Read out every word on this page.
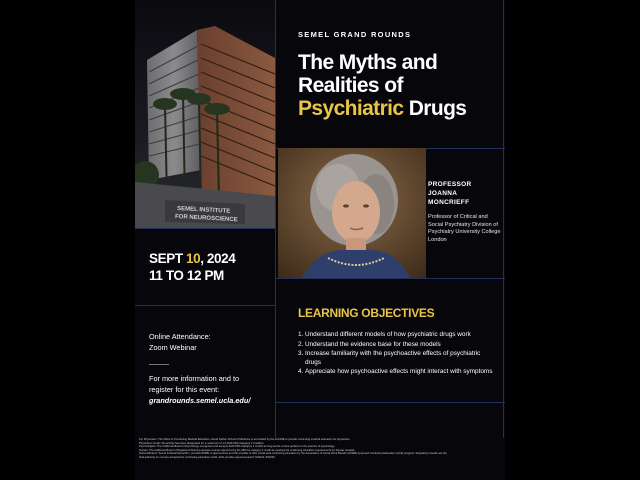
SEMEL INSTITUTE
FOR NEUROSCIENCE
SEMEL GRAND ROUNDS
The Myths and
Realities of
Psychiatric Drugs
PROFESSOR
JOANNA
MONCRIEFF
Professor of Critical and Social Psychiatry Division of Psychiatry University College London
SEPT 10, 2024
11 TO 12 PM
Online Attendance:
Zoom Webinar
For more information and to
register for this event:
grandrounds.semel.ucla.edu/
LEARNING OBJECTIVES
1. Understand different models of how psychiatric drugs work
2. Understand the evidence base for these models
3. Increase familiarity with the psychoactive effects of psychiatric drugs
4. Appreciate how psychoactive effects might interact with symptoms

For Physicians: The Office of Continuing Medical Education, David Geffen School of Medicine is accredited by the ACCME to provide continuing medical education for physicians.

Physicians Credit: this activity has been designated for a maximum of 1.0 AMA PRA Category 1 Credit(s).

Psychologists: The California Board of Psychology recognizes and accepts AMA PRA Category 1 credits as long as the course pertains to the practice of psychology.

Nurses: The California Board of Registered Nursing accepts courses approved by the ABA for category 1 credit as meeting the continuing education requirements for license renewal.

Social Workers: Semel Institute/Semel Rm. provider #4380, is approved as an ACE provider to offer social work continuing education by the Association of Social Work Boards (ASWB) Approved Continuing Education (ACE) program. Regulatory boards are the

final authority on courses accepted for continuing education credit. ACE provider approval period: 5/30/24–5/30/25.
